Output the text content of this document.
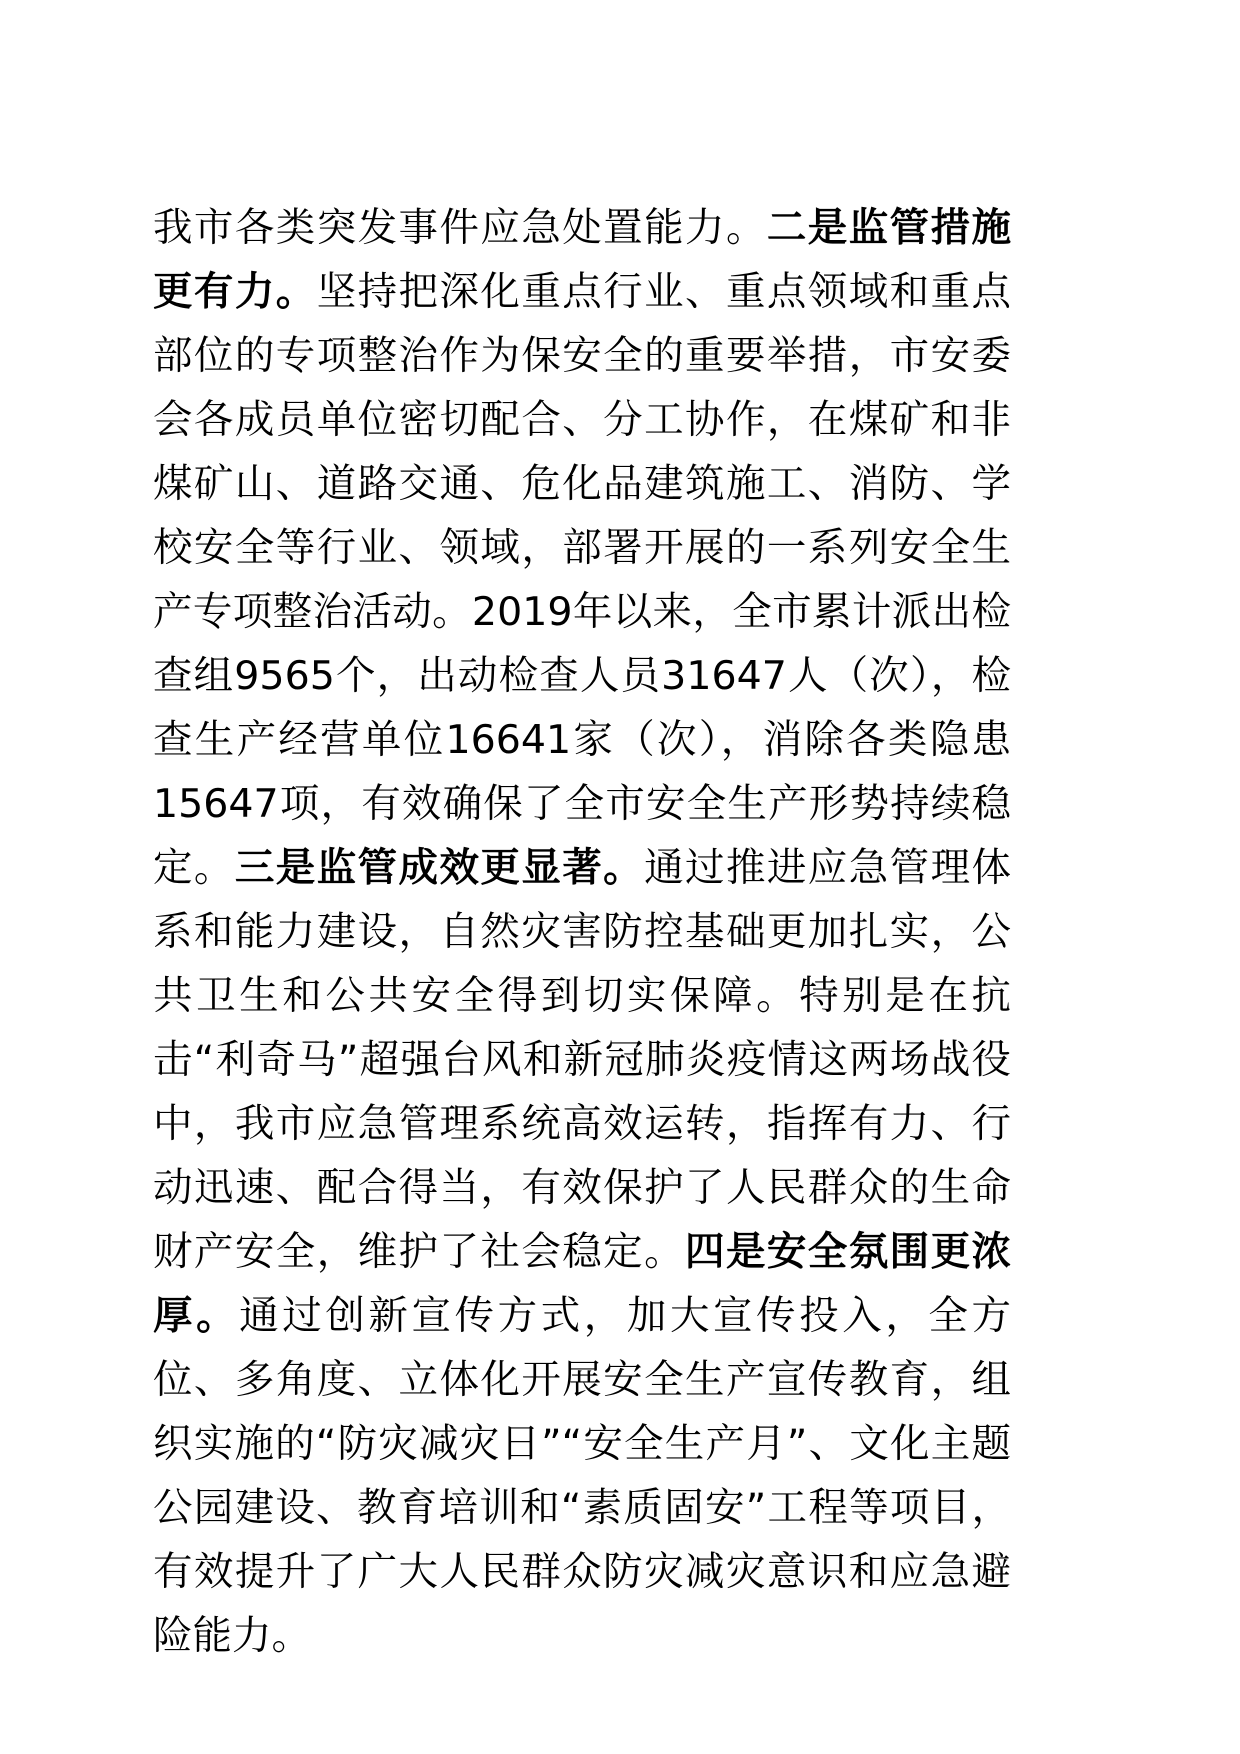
我市各类突发事件应急处置能力。二是监管措施更有力。坚持把深化重点行业、重点领域和重点部位的专项整治作为保安全的重要举措，市安委会各成员单位密切配合、分工协作，在煤矿和非煤矿山、道路交通、危化品建筑施工、消防、学校安全等行业、领域，部署开展的一系列安全生产专项整治活动。2019年以来，全市累计派出检查组9565个，出动检查人员31647人（次），检查生产经营单位16641家（次），消除各类隐患15647项，有效确保了全市安全生产形势持续稳定。三是监管成效更显著。通过推进应急管理体系和能力建设，自然灾害防控基础更加扎实，公共卫生和公共安全得到切实保障。特别是在抗击“利奇马”超强台风和新冠肺炎疫情这两场战役中，我市应急管理系统高效运转，指挥有力、行动迅速、配合得当，有效保护了人民群众的生命财产安全，维护了社会稳定。四是安全氛围更浓厚。通过创新宣传方式，加大宣传投入，全方位、多角度、立体化开展安全生产宣传教育，组织实施的“防灾减灾日”“安全生产月”、文化主题公园建设、教育培训和“素质固安”工程等项目，有效提升了广大人民群众防灾减灾意识和应急避险能力。
